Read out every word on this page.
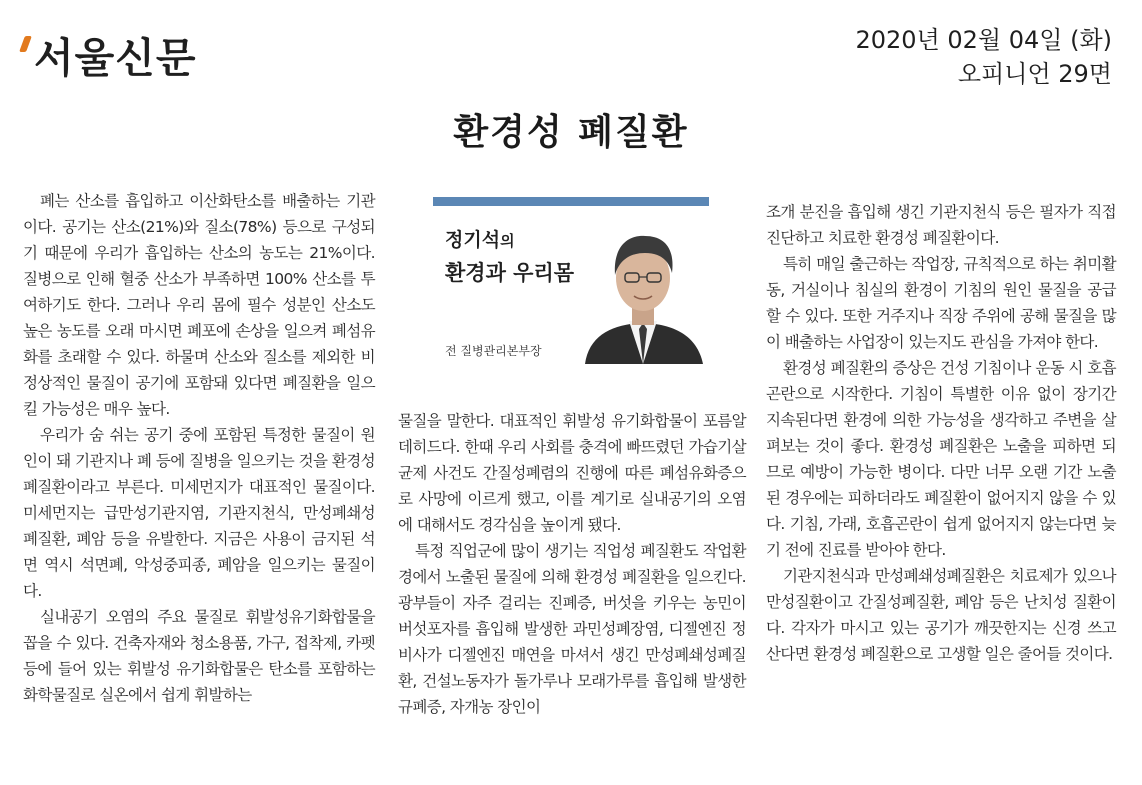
서울신문	2020년 02월 04일 (화)
오피니언 29면
환경성 폐질환

폐는 산소를 흡입하고 이산화탄소를 배출하는 기관이다. 공기는 산소(21%)와 질소(78%) 등으로 구성되기 때문에 우리가 흡입하는 산소의 농도는 21%이다. 질병으로 인해 혈중 산소가 부족하면 100% 산소를 투여하기도 한다. 그러나 우리 몸에 필수 성분인 산소도 높은 농도를 오래 마시면 폐포에 손상을 일으켜 폐섬유화를 초래할 수 있다. 하물며 산소와 질소를 제외한 비정상적인 물질이 공기에 포함돼 있다면 폐질환을 일으킬 가능성은 매우 높다.

우리가 숨 쉬는 공기 중에 포함된 특정한 물질이 원인이 돼 기관지나 폐 등에 질병을 일으키는 것을 환경성 폐질환이라고 부른다. 미세먼지가 대표적인 물질이다. 미세먼지는 급만성기관지염, 기관지천식, 만성폐쇄성폐질환, 폐암 등을 유발한다. 지금은 사용이 금지된 석면 역시 석면폐, 악성중피종, 폐암을 일으키는 물질이다.

실내공기 오염의 주요 물질로 휘발성유기화합물을 꼽을 수 있다. 건축자재와 청소용품, 가구, 접착제, 카펫 등에 들어 있는 휘발성 유기화합물은 탄소를 포함하는 화학물질로 실온에서 쉽게 휘발하는

정기석의
환경과 우리몸
전 질병관리본부장

물질을 말한다. 대표적인 휘발성 유기화합물이 포름알데히드다. 한때 우리 사회를 충격에 빠뜨렸던 가습기살균제 사건도 간질성폐렴의 진행에 따른 폐섬유화증으로 사망에 이르게 했고, 이를 계기로 실내공기의 오염에 대해서도 경각심을 높이게 됐다.

특정 직업군에 많이 생기는 직업성 폐질환도 작업환경에서 노출된 물질에 의해 환경성 폐질환을 일으킨다. 광부들이 자주 걸리는 진폐증, 버섯을 키우는 농민이 버섯포자를 흡입해 발생한 과민성폐장염, 디젤엔진 정비사가 디젤엔진 매연을 마셔서 생긴 만성폐쇄성폐질환, 건설노동자가 돌가루나 모래가루를 흡입해 발생한 규폐증, 자개농 장인이

조개 분진을 흡입해 생긴 기관지천식 등은 필자가 직접 진단하고 치료한 환경성 폐질환이다.

특히 매일 출근하는 작업장, 규칙적으로 하는 취미활동, 거실이나 침실의 환경이 기침의 원인 물질을 공급할 수 있다. 또한 거주지나 직장 주위에 공해 물질을 많이 배출하는 사업장이 있는지도 관심을 가져야 한다.

환경성 폐질환의 증상은 건성 기침이나 운동 시 호흡곤란으로 시작한다. 기침이 특별한 이유 없이 장기간 지속된다면 환경에 의한 가능성을 생각하고 주변을 살펴보는 것이 좋다. 환경성 폐질환은 노출을 피하면 되므로 예방이 가능한 병이다. 다만 너무 오랜 기간 노출된 경우에는 피하더라도 폐질환이 없어지지 않을 수 있다. 기침, 가래, 호흡곤란이 쉽게 없어지지 않는다면 늦기 전에 진료를 받아야 한다.

기관지천식과 만성폐쇄성폐질환은 치료제가 있으나 만성질환이고 간질성폐질환, 폐암 등은 난치성 질환이다. 각자가 마시고 있는 공기가 깨끗한지는 신경 쓰고 산다면 환경성 폐질환으로 고생할 일은 줄어들 것이다.
